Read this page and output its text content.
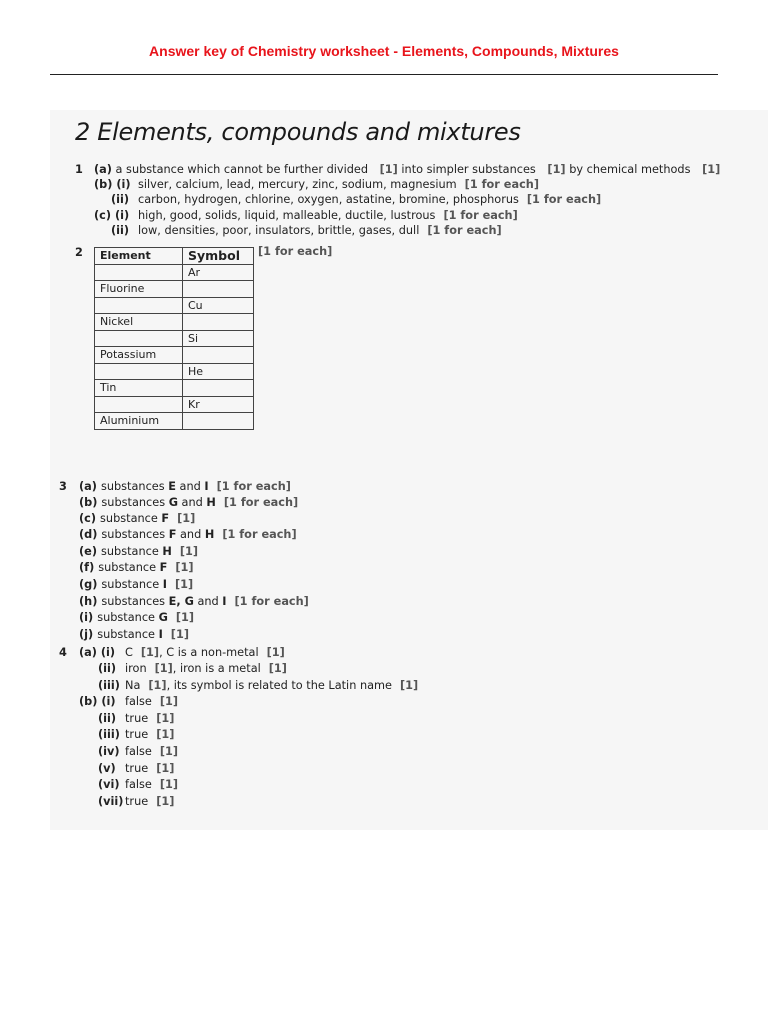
Answer key of Chemistry worksheet - Elements, Compounds, Mixtures
2 Elements, compounds and mixtures
1 (a) a substance which cannot be further divided [1] into simpler substances [1] by chemical methods [1]
(b) (i) silver, calcium, lead, mercury, zinc, sodium, magnesium [1 for each]
(ii) carbon, hydrogen, chlorine, oxygen, astatine, bromine, phosphorus [1 for each]
(c) (i) high, good, solids, liquid, malleable, ductile, lustrous [1 for each]
(ii) low, densities, poor, insulators, brittle, gases, dull [1 for each]
2	[1 for each]
Element	Symbol
	Ar
Fluorine	
	Cu
Nickel	
	Si
Potassium	
	He
Tin	
	Kr
Aluminium	
3 (a) substances E and I [1 for each]
(b) substances G and H [1 for each]
(c) substance F [1]
(d) substances F and H [1 for each]
(e) substance H [1]
(f) substance F [1]
(g) substance I [1]
(h) substances E, G and I [1 for each]
(i) substance G [1]
(j) substance I [1]
4 (a) (i) C [1], C is a non-metal [1]
(ii) iron [1], iron is a metal [1]
(iii) Na [1], its symbol is related to the Latin name [1]
(b) (i) false [1]
(ii) true [1]
(iii) true [1]
(iv) false [1]
(v) true [1]
(vi) false [1]
(vii) true [1]
